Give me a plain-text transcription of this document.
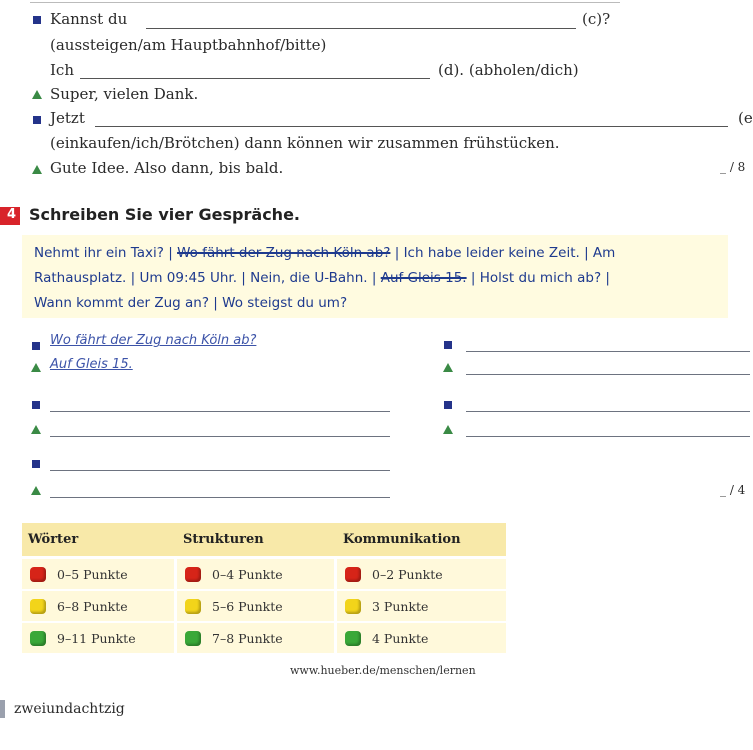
Kannst du	(c)?
(aussteigen/am Hauptbahnhof/bitte)
Ich	(d). (abholen/dich)
Super, vielen Dank.
Jetzt	(e
(einkaufen/ich/Brötchen) dann können wir zusammen frühstücken.
Gute Idee. Also dann, bis bald.	_ / 8
4 Schreiben Sie vier Gespräche.
Nehmt ihr ein Taxi? | Wo fährt der Zug nach Köln ab? | Ich habe leider keine Zeit. | Am
Rathausplatz. | Um 09:45 Uhr. | Nein, die U-Bahn. | Auf Gleis 15. | Holst du mich ab? |
Wann kommt der Zug an? | Wo steigst du um?
Wo fährt der Zug nach Köln ab?
Auf Gleis 15.
_ / 4
Wörter	Strukturen	Kommunikation
0–5 Punkte	0–4 Punkte	0–2 Punkte
6–8 Punkte	5–6 Punkte	3 Punkte
9–11 Punkte	7–8 Punkte	4 Punkte
www.hueber.de/menschen/lernen
zweiundachtzig
